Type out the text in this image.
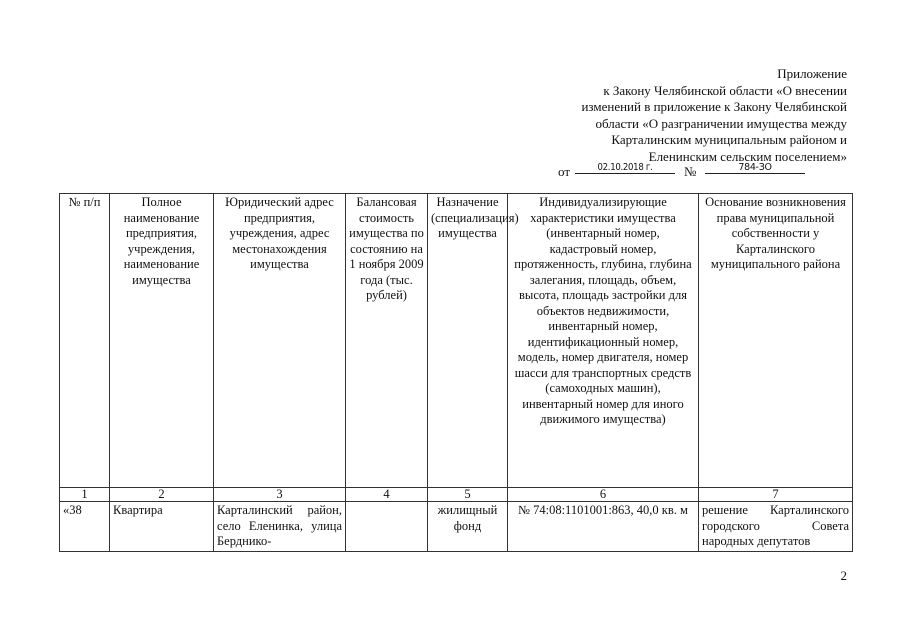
Приложение
к Закону Челябинской области «О внесении
изменений в приложение к Закону Челябинской
области «О разграничении имущества между
Карталинским муниципальным районом и
Еленинским сельским поселением»
от	02.10.2018 г.	№	784-ЗО
№ п/п	Полное наименование предприятия, учреждения, наименование имущества	Юридический адрес предприятия, учреждения, адрес местонахождения имущества	Балансовая стоимость имущества по состоянию на 1 ноября 2009 года (тыс. рублей)	Назначение (специализация) имущества	Индивидуализирующие характеристики имущества (инвентарный номер, кадастровый номер, протяженность, глубина, глубина залегания, площадь, объем, высота, площадь застройки для объектов недвижимости, инвентарный номер, идентификационный номер, модель, номер двигателя, номер шасси для транспортных средств (самоходных машин), инвентарный номер для иного движимого имущества)	Основание возникновения права муниципальной собственности у Карталинского муниципального района
1	2	3	4	5	6	7
«38	Квартира	Карталинский район, село Еленинка, улица Берднико-		жилищный фонд	№ 74:08:1101001:863, 40,0 кв. м	решение Карталинского городского Совета народных депутатов
2
